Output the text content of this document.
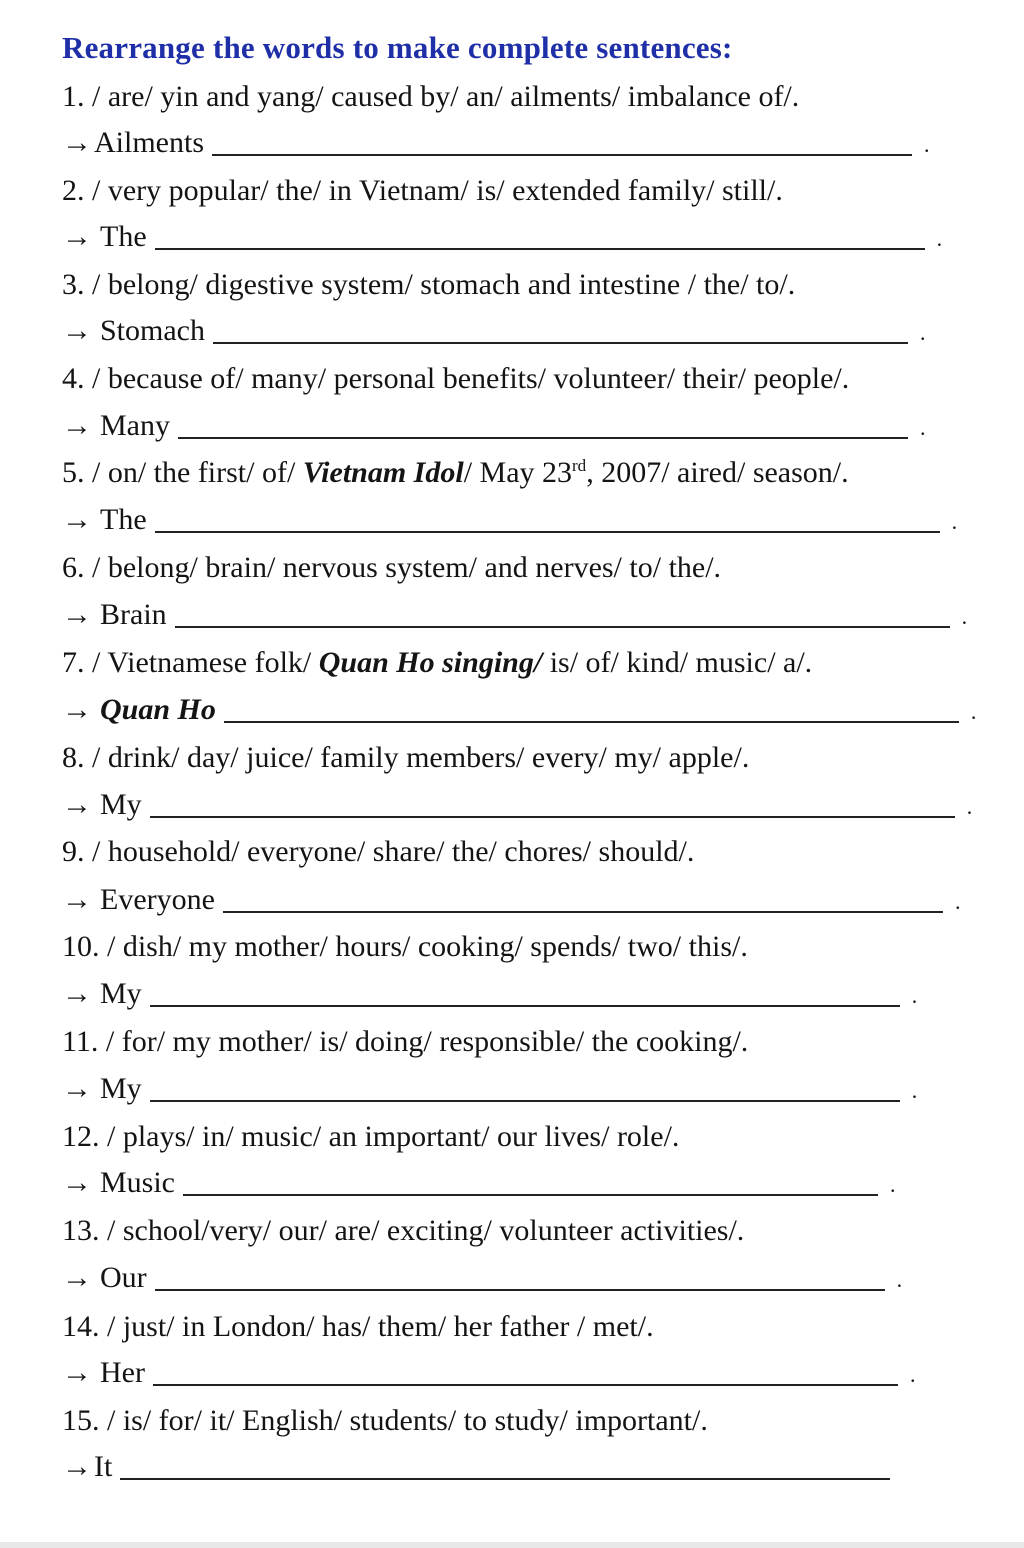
Rearrange the words to make complete sentences:
1. / are/ yin and yang/ caused by/ an/ ailments/ imbalance of/.
→ Ailments	.
2. / very popular/ the/ in Vietnam/ is/ extended family/ still/.
→ The	.
3. / belong/ digestive system/ stomach and intestine / the/ to/.
→ Stomach	.
4. / because of/ many/ personal benefits/ volunteer/ their/ people/.
→ Many	.
5. / on/ the first/ of/ Vietnam Idol/ May 23rd, 2007/ aired/ season/.
→ The	.
6. / belong/ brain/ nervous system/ and nerves/ to/ the/.
→ Brain	.
7. / Vietnamese folk/ Quan Ho singing/ is/ of/ kind/ music/ a/.
→ Quan Ho	.
8. / drink/ day/ juice/ family members/ every/ my/ apple/.
→ My	.
9. / household/ everyone/ share/ the/ chores/ should/.
→ Everyone	.
10. / dish/ my mother/ hours/ cooking/ spends/ two/ this/.
→ My	.
11. / for/ my mother/ is/ doing/ responsible/ the cooking/.
→ My	.
12. / plays/ in/ music/ an important/ our lives/ role/.
→ Music	.
13. / school/very/ our/ are/ exciting/ volunteer activities/.
→ Our	.
14. / just/ in London/ has/ them/ her father / met/.
→ Her	.
15. / is/ for/ it/ English/ students/ to study/ important/.
→ It
